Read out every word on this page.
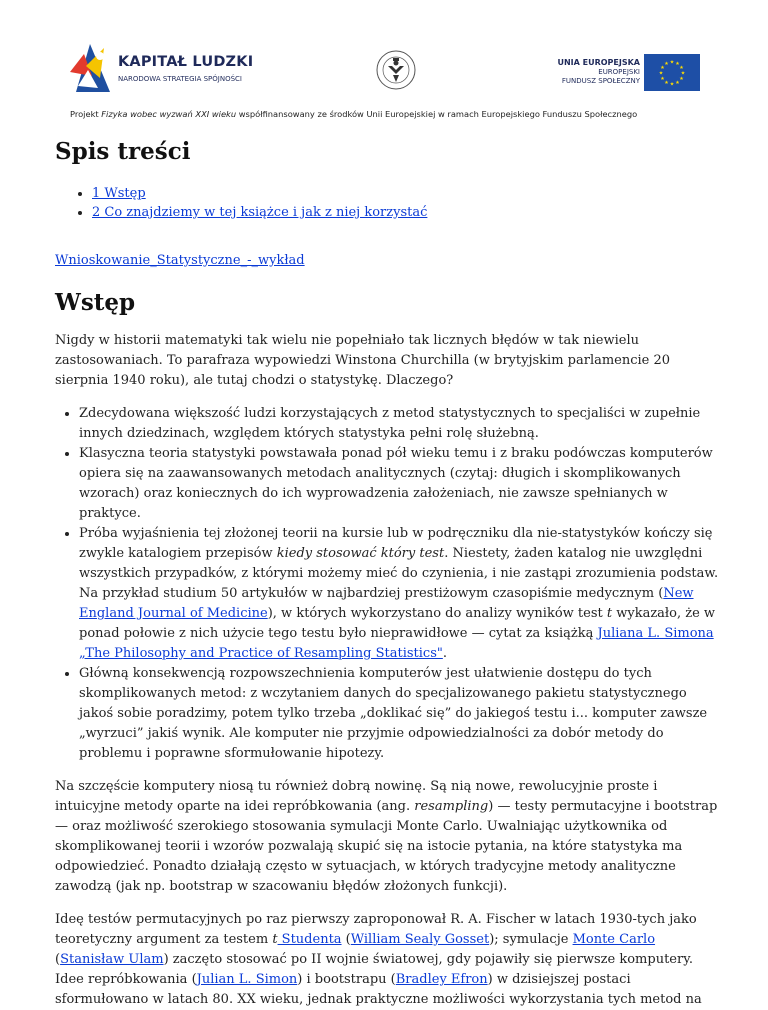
KAPITAŁ LUDZKI
NARODOWA STRATEGIA SPÓJNOŚCI
UNIA EUROPEJSKA
EUROPEJSKI
FUNDUSZ SPOŁECZNY
★
★
★
★
★
★
★
★
★ ★ ★
★
Projekt Fizyka wobec wyzwań XXI wieku współfinansowany ze środków Unii Europejskiej w ramach Europejskiego Funduszu Społecznego
Spis treści
• 1 Wstęp
• 2 Co znajdziemy w tej książce i jak z niej korzystać
Wnioskowanie_Statystyczne_-_wykład
Wstęp

Nigdy w historii matematyki tak wielu nie popełniało tak licznych błędów w tak niewielu zastosowaniach. To parafraza wypowiedzi Winstona Churchilla (w brytyjskim parlamencie 20 sierpnia 1940 roku), ale tutaj chodzi o statystykę. Dlaczego?

• Zdecydowana większość ludzi korzystających z metod statystycznych to specjaliści w zupełnie innych dziedzinach, względem których statystyka pełni rolę służebną.
• Klasyczna teoria statystyki powstawała ponad pół wieku temu i z braku podówczas komputerów opiera się na zaawansowanych metodach analitycznych (czytaj: długich i skomplikowanych wzorach) oraz koniecznych do ich wyprowadzenia założeniach, nie zawsze spełnianych w praktyce.
• Próba wyjaśnienia tej złożonej teorii na kursie lub w podręczniku dla nie-statystyków kończy się zwykle katalogiem przepisów kiedy stosować który test. Niestety, żaden katalog nie uwzględni wszystkich przypadków, z którymi możemy mieć do czynienia, i nie zastąpi zrozumienia podstaw. Na przykład studium 50 artykułów w najbardziej prestiżowym czasopiśmie medycznym (New England Journal of Medicine), w których wykorzystano do analizy wyników test t wykazało, że w ponad połowie z nich użycie tego testu było nieprawidłowe — cytat za książką Juliana L. Simona „The Philosophy and Practice of Resampling Statistics".
• Główną konsekwencją rozpowszechnienia komputerów jest ułatwienie dostępu do tych skomplikowanych metod: z wczytaniem danych do specjalizowanego pakietu statystycznego jakoś sobie poradzimy, potem tylko trzeba „doklikać się” do jakiegoś testu i... komputer zawsze „wyrzuci” jakiś wynik. Ale komputer nie przyjmie odpowiedzialności za dobór metody do problemu i poprawne sformułowanie hipotezy.

Na szczęście komputery niosą tu również dobrą nowinę. Są nią nowe, rewolucyjnie proste i intuicyjne metody oparte na idei repróbkowania (ang. resampling) — testy permutacyjne i bootstrap — oraz możliwość szerokiego stosowania symulacji Monte Carlo. Uwalniając użytkownika od skomplikowanej teorii i wzorów pozwalają skupić się na istocie pytania, na które statystyka ma odpowiedzieć. Ponadto działają często w sytuacjach, w których tradycyjne metody analityczne zawodzą (jak np. bootstrap w szacowaniu błędów złożonych funkcji).

Ideę testów permutacyjnych po raz pierwszy zaproponował R. A. Fischer w latach 1930-tych jako teoretyczny argument za testem t Studenta (William Sealy Gosset); symulacje Monte Carlo (Stanisław Ulam) zaczęto stosować po II wojnie światowej, gdy pojawiły się pierwsze komputery. Idee repróbkowania (Julian L. Simon) i bootstrapu (Bradley Efron) w dzisiejszej postaci sformułowano w latach 80. XX wieku, jednak praktyczne możliwości wykorzystania tych metod na
